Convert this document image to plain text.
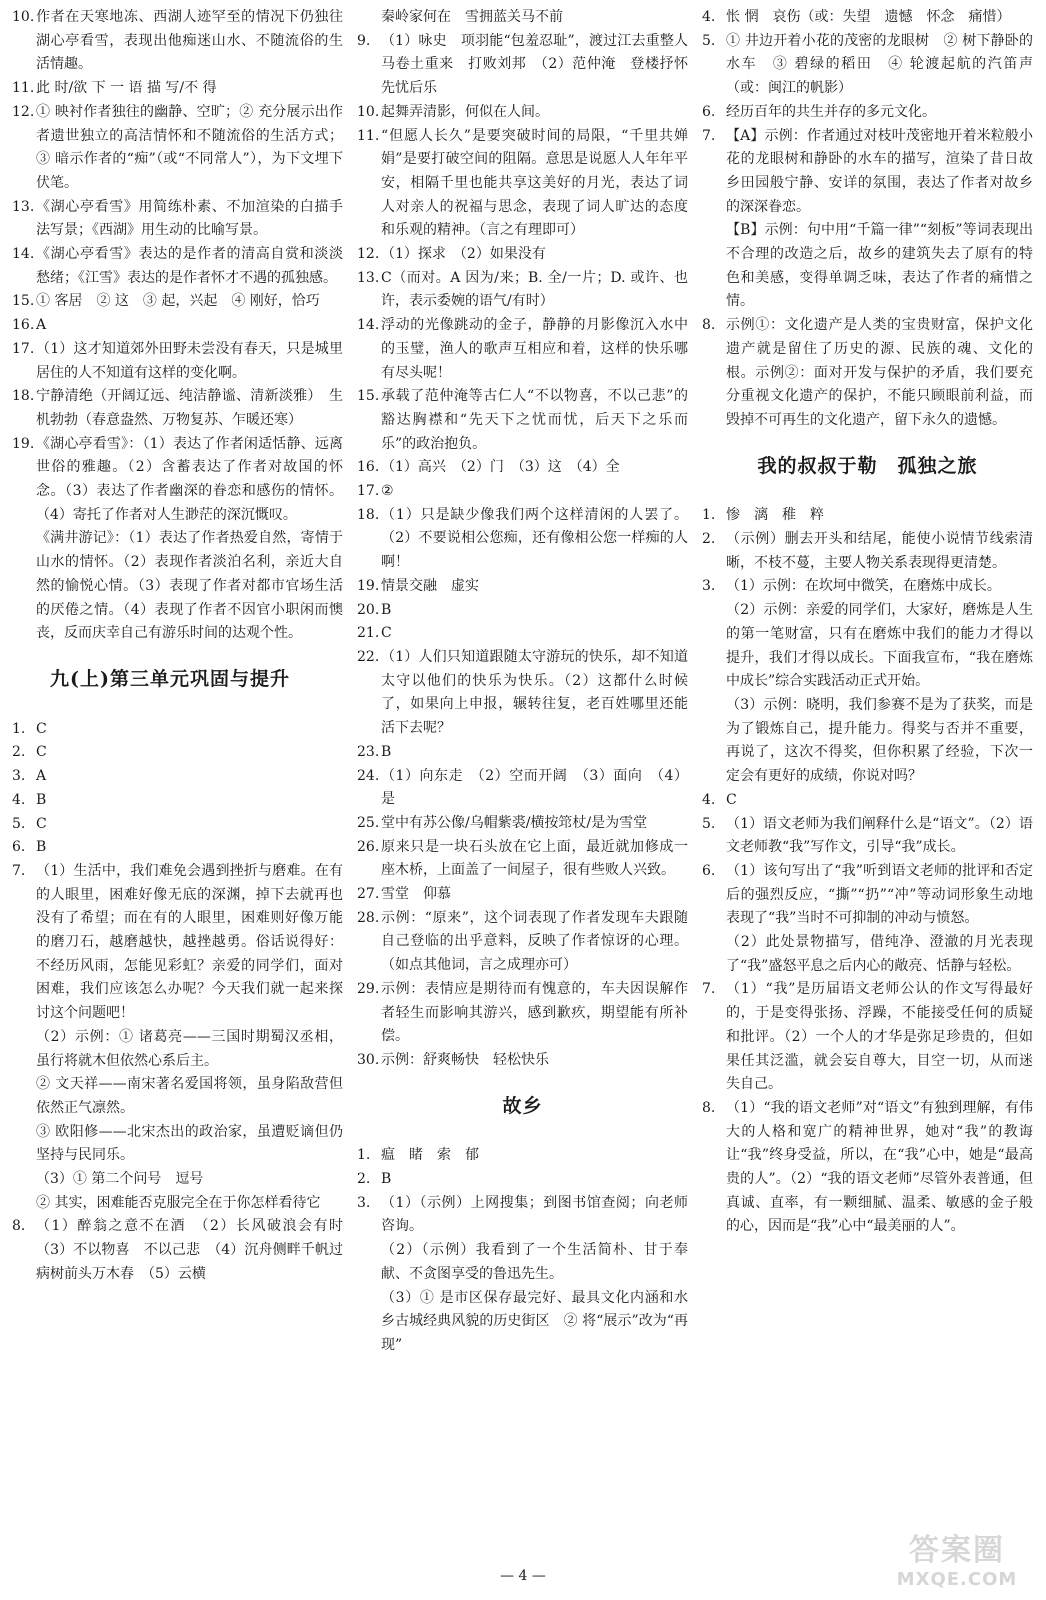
10. 作者在天寒地冻、西湖人迹罕至的情况下仍独往湖心亭看雪，表现出他痴迷山水、不随流俗的生活情趣。
11. 此 时/欲 下 一 语 描 写/不 得
12. ① 映衬作者独往的幽静、空旷；② 充分展示出作者遗世独立的高洁情怀和不随流俗的生活方式；③ 暗示作者的“痴”（或“不同常人”），为下文埋下伏笔。
13. 《湖心亭看雪》用简练朴素、不加渲染的白描手法写景；《西湖》用生动的比喻写景。
14. 《湖心亭看雪》表达的是作者的清高自赏和淡淡愁绪；《江雪》表达的是作者怀才不遇的孤独感。
15. ① 客居　② 这　③ 起，兴起　④ 刚好，恰巧
16. A
17. （1）这才知道郊外田野未尝没有春天，只是城里居住的人不知道有这样的变化啊。
18. 宁静清绝（开阔辽远、纯洁静谧、清新淡雅）　生机勃勃（春意盎然、万物复苏、乍暖还寒）
19. 《湖心亭看雪》：（1）表达了作者闲适恬静、远离世俗的雅趣。（2）含蓄表达了作者对故国的怀念。（3）表达了作者幽深的眷恋和感伤的情怀。（4）寄托了作者对人生渺茫的深沉慨叹。
《满井游记》：（1）表达了作者热爱自然，寄情于山水的情怀。（2）表现作者淡泊名利，亲近大自然的愉悦心情。（3）表现了作者对都市官场生活的厌倦之情。（4）表现了作者不因官小职闲而懊丧，反而庆幸自己有游乐时间的达观个性。
九(上)第三单元巩固与提升
1. C
2. C
3. A
4. B
5. C
6. B
7. （1）生活中，我们难免会遇到挫折与磨难。在有的人眼里，困难好像无底的深渊，掉下去就再也没有了希望；而在有的人眼里，困难则好像万能的磨刀石，越磨越快，越挫越勇。俗话说得好：不经历风雨，怎能见彩虹？亲爱的同学们，面对困难，我们应该怎么办呢？今天我们就一起来探讨这个问题吧！
（2）示例：① 诸葛亮——三国时期蜀汉丞相，虽行将就木但依然心系后主。
② 文天祥——南宋著名爱国将领，虽身陷敌营但依然正气凛然。
③ 欧阳修——北宋杰出的政治家，虽遭贬谪但仍坚持与民同乐。
（3）① 第二个问号　逗号
② 其实，困难能否克服完全在于你怎样看待它
8. （1）醉翁之意不在酒　（2）长风破浪会有时　（3）不以物喜　不以己悲　（4）沉舟侧畔千帆过　病树前头万木春　（5）云横
秦岭家何在　雪拥蓝关马不前
9. （1）咏史　项羽能“包羞忍耻”，渡过江去重整人马卷土重来　打败刘邦　（2）范仲淹　登楼抒怀先忧后乐
10. 起舞弄清影，何似在人间。
11. “但愿人长久”是要突破时间的局限，“千里共婵娟”是要打破空间的阻隔。意思是说愿人人年年平安，相隔千里也能共享这美好的月光，表达了词人对亲人的祝福与思念，表现了词人旷达的态度和乐观的精神。（言之有理即可）
12. （1）探求　（2）如果没有
13. C（而对。A 因为/来；B. 全/一片；D. 或许、也许，表示委婉的语气/有时）
14. 浮动的光像跳动的金子，静静的月影像沉入水中的玉璧，渔人的歌声互相应和着，这样的快乐哪有尽头呢！
15. 承载了范仲淹等古仁人“不以物喜，不以己悲”的豁达胸襟和“先天下之忧而忧，后天下之乐而乐”的政治抱负。
16. （1）高兴　（2）门　（3）这　（4）全
17. ②
18. （1）只是缺少像我们两个这样清闲的人罢了。（2）不要说相公您痴，还有像相公您一样痴的人啊！
19. 情景交融　虚实
20. B
21. C
22. （1）人们只知道跟随太守游玩的快乐，却不知道太守以他们的快乐为快乐。（2）这都什么时候了，如果向上申报，辗转往复，老百姓哪里还能活下去呢？
23. B
24. （1）向东走　（2）空而开阔　（3）面向　（4）是
25. 堂中有苏公像/乌帽紫裘/横按筇杖/是为雪堂
26. 原来只是一块石头放在它上面，最近就加修成一座木桥，上面盖了一间屋子，很有些败人兴致。
27. 雪堂　仰慕
28. 示例：“原来”，这个词表现了作者发现车夫跟随自己登临的出乎意料，反映了作者惊讶的心理。（如点其他词，言之成理亦可）
29. 示例：表情应是期待而有愧意的，车夫因误解作者轻生而影响其游兴，感到歉疚，期望能有所补偿。
30. 示例：舒爽畅快　轻松快乐
故乡
1. 瘟　睹　索　郁
2. B
3. （1）（示例）上网搜集；到图书馆查阅；向老师咨询。
（2）（示例）我看到了一个生活简朴、甘于奉献、不贪图享受的鲁迅先生。
（3）① 是市区保存最完好、最具文化内涵和水乡古城经典风貌的历史街区　② 将“展示”改为“再现”
4. 怅 惘　哀伤（或：失望　遗憾　怀念　痛惜）
5. ① 井边开着小花的茂密的龙眼树　② 树下静卧的水车　③ 碧绿的稻田　④ 轮渡起航的汽笛声（或：闽江的帆影）
6. 经历百年的共生并存的多元文化。
7. 【A】示例：作者通过对枝叶茂密地开着米粒般小花的龙眼树和静卧的水车的描写，渲染了昔日故乡田园般宁静、安详的氛围，表达了作者对故乡的深深眷恋。
【B】示例：句中用“千篇一律”“刻板”等词表现出不合理的改造之后，故乡的建筑失去了原有的特色和美感，变得单调乏味，表达了作者的痛惜之情。
8. 示例①：文化遗产是人类的宝贵财富，保护文化遗产就是留住了历史的源、民族的魂、文化的根。示例②：面对开发与保护的矛盾，我们要充分重视文化遗产的保护，不能只顾眼前利益，而毁掉不可再生的文化遗产，留下永久的遗憾。
我的叔叔于勒　孤独之旅
1. 惨　漓　稚　粹
2. （示例）删去开头和结尾，能使小说情节线索清晰，不枝不蔓，主要人物关系表现得更清楚。
3. （1）示例：在坎坷中微笑，在磨炼中成长。
（2）示例：亲爱的同学们，大家好，磨炼是人生的第一笔财富，只有在磨炼中我们的能力才得以提升，我们才得以成长。下面我宣布，“我在磨炼中成长”综合实践活动正式开始。
（3）示例：晓明，我们参赛不是为了获奖，而是为了锻炼自己，提升能力。得奖与否并不重要，再说了，这次不得奖，但你积累了经验，下次一定会有更好的成绩，你说对吗？
4. C
5. （1）语文老师为我们阐释什么是“语文”。（2）语文老师教“我”写作文，引导“我”成长。
6. （1）该句写出了“我”听到语文老师的批评和否定后的强烈反应，“撕”“扔”“冲”等动词形象生动地表现了“我”当时不可抑制的冲动与愤怒。
（2）此处景物描写，借纯净、澄澈的月光表现了“我”盛怒平息之后内心的敞亮、恬静与轻松。
7. （1）“我”是历届语文老师公认的作文写得最好的，于是变得张扬、浮躁，不能接受任何的质疑和批评。（2）一个人的才华是弥足珍贵的，但如果任其泛滥，就会妄自尊大，目空一切，从而迷失自己。
8. （1）“我的语文老师”对“语文”有独到理解，有伟大的人格和宽广的精神世界，她对“我”的教诲让“我”终身受益，所以，在“我”心中，她是“最高贵的人”。（2）“我的语文老师”尽管外表普通，但真诚、直率，有一颗细腻、温柔、敏感的金子般的心，因而是“我”心中“最美丽的人”。
— 4 —
答案圈
MXQE.COM
